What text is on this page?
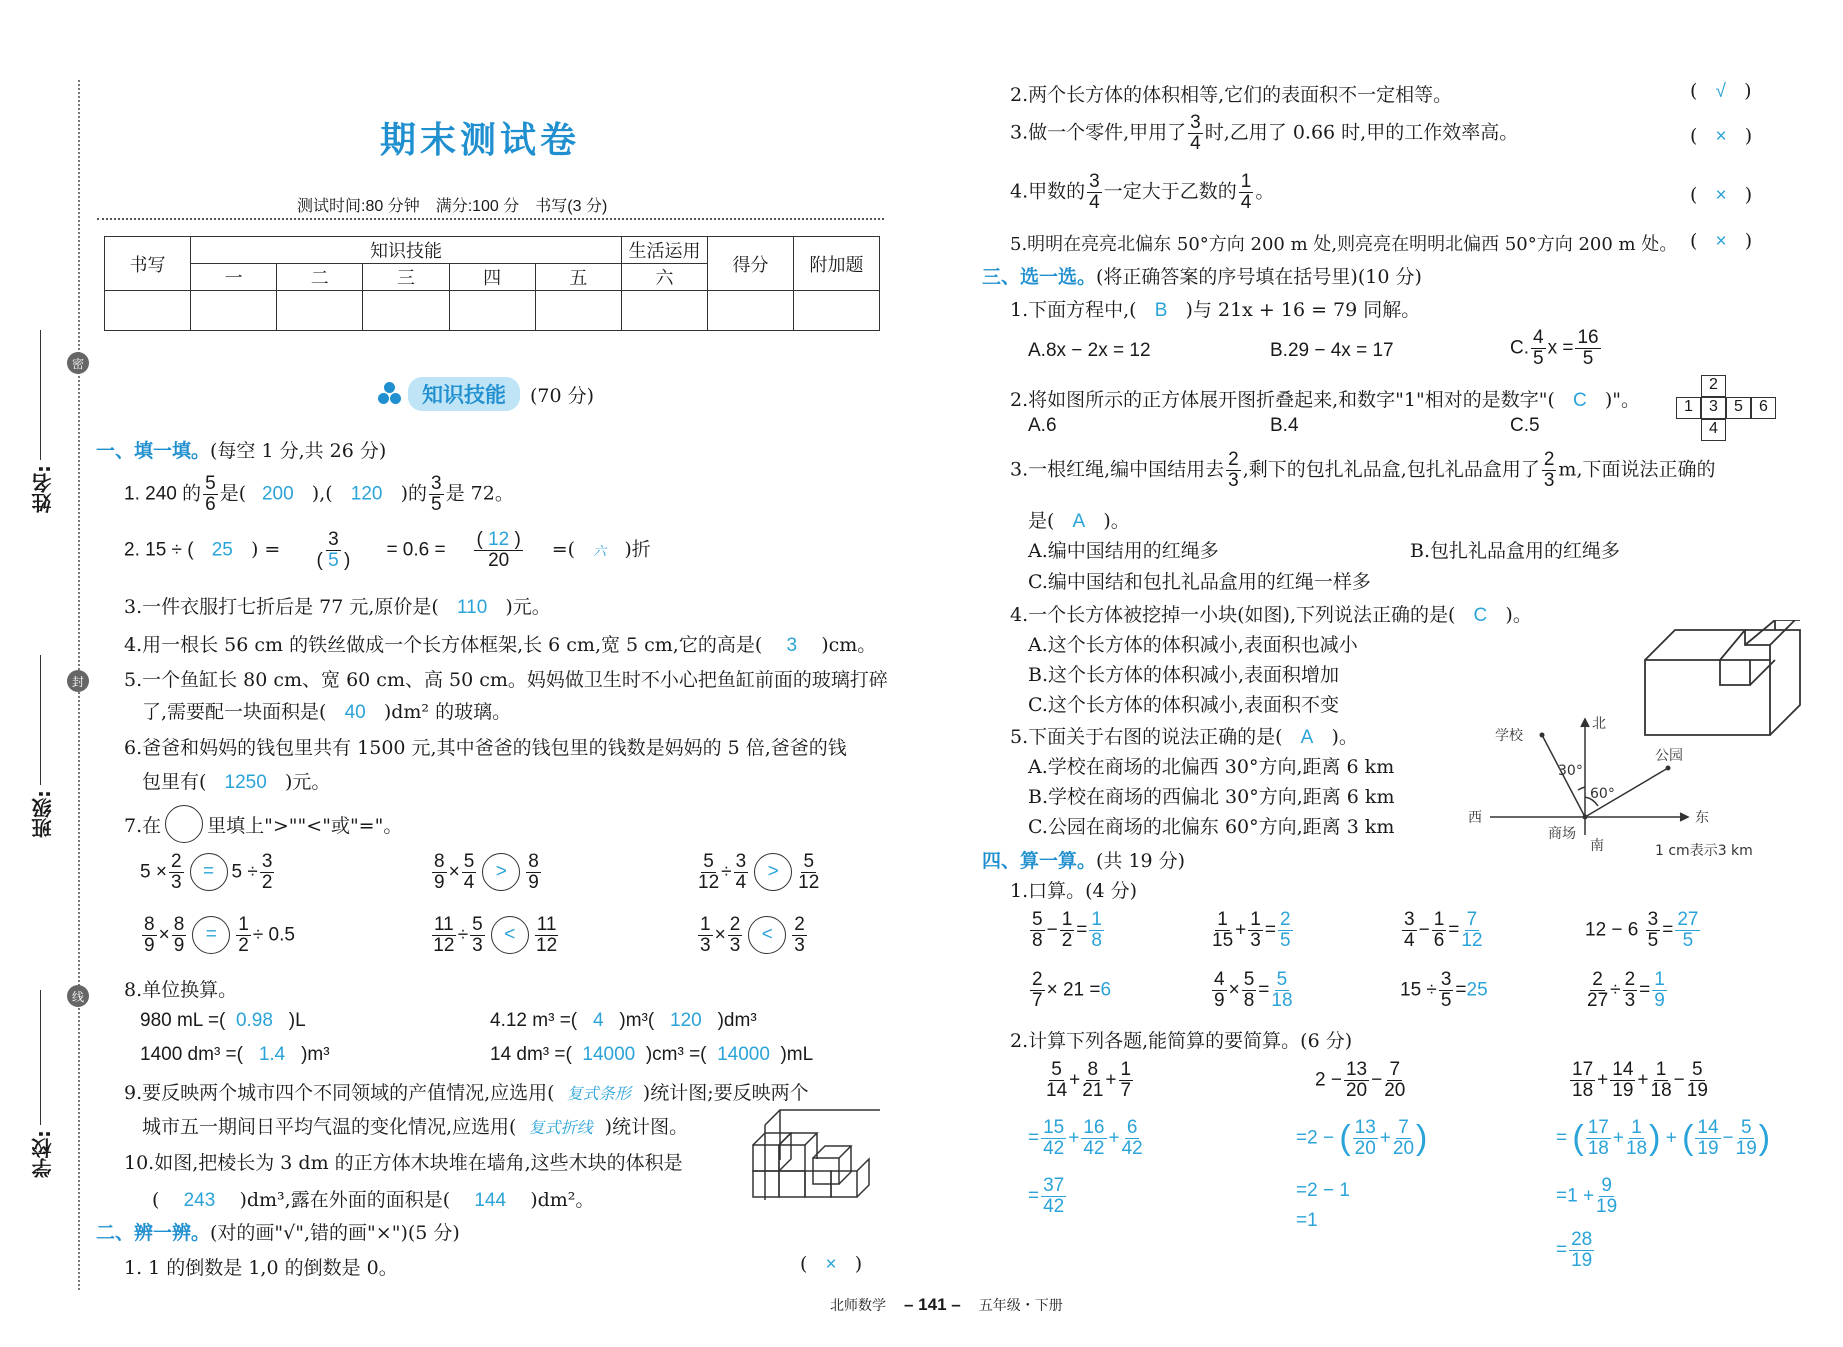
密
封
线
姓名:
班级:
学校:
期末测试卷
测试时间:80 分钟　满分:100 分　书写(3 分)
书写	知识技能					生活运用	得分	附加题
	一	二	三	四	五	六		

知识技能	(70 分)
一、填一填。(每空 1 分,共 26 分)
1. 240 的 $\frac{5}{6}$ 是( 200 ),( 120 )的 $\frac{3}{5}$ 是 72。
2. 15 ÷ ( 25 ) = $\frac{3}{( 5 )} = 0.6 = \frac{( 12 )}{20}$ =( 六 )折
3.一件衣服打七折后是 77 元,原价是( 110 )元。
4.用一根长 56 cm 的铁丝做成一个长方体框架,长 6 cm,宽 5 cm,它的高是( 3 )cm。
5.一个鱼缸长 80 cm、宽 60 cm、高 50 cm。妈妈做卫生时不小心把鱼缸前面的玻璃打碎
了,需要配一块面积是( 40 )dm² 的玻璃。
6.爸爸和妈妈的钱包里共有 1500 元,其中爸爸的钱包里的钱数是妈妈的 5 倍,爸爸的钱
包里有( 1250 )元。
7.在 里填上">""<"或"="。
$5 \times \frac{2}{3} = 5 \div \frac{3}{2}$	$\frac{8}{9} \times \frac{5}{4} > \frac{8}{9}$	$\frac{5}{12} \div \frac{3}{4} > \frac{5}{12}$
$\frac{8}{9} \times \frac{8}{9} = \frac{1}{2} \div 0.5$	$\frac{11}{12} \div \frac{5}{3} < \frac{11}{12}$	$\frac{1}{3} \times \frac{2}{3} < \frac{2}{3}$
8.单位换算。
980 mL =( 0.98 )L	4.12 m³ =( 4 )m³( 120 )dm³
1400 dm³ =( 1.4 )m³	14 dm³ =( 14000 )cm³ =( 14000 )mL
9.要反映两个城市四个不同领域的产值情况,应选用( 复式条形 )统计图;要反映两个
城市五一期间日平均气温的变化情况,应选用( 复式折线 )统计图。
10.如图,把棱长为 3 dm 的正方体木块堆在墙角,这些木块的体积是
( 243 )dm³,露在外面的面积是( 144 )dm²。
二、辨一辨。(对的画"√",错的画"×")(5 分)
1. 1 的倒数是 1,0 的倒数是 0。	( × )
2.两个长方体的体积相等,它们的表面积不一定相等。	( √ )
3.做一个零件,甲用了 $\frac{3}{4}$ 时,乙用了 0.66 时,甲的工作效率高。	( × )
4.甲数的 $\frac{3}{4}$ 一定大于乙数的 $\frac{1}{4}$ 。	( × )
5.明明在亮亮北偏东 50°方向 200 m 处,则亮亮在明明北偏西 50°方向 200 m 处。 ( × )
三、选一选。(将正确答案的序号填在括号里)(10 分)
1.下面方程中,( B )与 21x + 16 = 79 同解。
A.8x − 2x = 12	B.29 − 4x = 17	C. $\frac{4}{5}$ $x = \frac{16}{5}$
2.将如图所示的正方体展开图折叠起来,和数字"1"相对的是数字"( C )"。
A.6	B.4	C.5
2
1	3	5	6
4
3.一根红绳,编中国结用去 $\frac{2}{3}$ ,剩下的包扎礼品盒,包扎礼品盒用了 $\frac{2}{3} m$,下面说法正确的
是( A )。
A.编中国结用的红绳多	B.包扎礼品盒用的红绳多
C.编中国结和包扎礼品盒用的红绳一样多
4.一个长方体被挖掉一小块(如图),下列说法正确的是( C )。
A.这个长方体的体积减小,表面积也减小
B.这个长方体的体积减小,表面积增加
C.这个长方体的体积减小,表面积不变
5.下面关于右图的说法正确的是( A )。
A.学校在商场的北偏西 30°方向,距离 6 km
B.学校在商场的西偏北 30°方向,距离 6 km
C.公园在商场的北偏东 60°方向,距离 3 km
北
南
东
西
学校
公园
商场
30°
60°
1 cm表示3 km
四、算一算。(共 19 分)
1.口算。(4 分)
$\frac{5}{8} - \frac{1}{2} = \frac{1}{8}$	$\frac{1}{15} + \frac{1}{3} = \frac{2}{5}$	$\frac{3}{4} - \frac{1}{6} = \frac{7}{12}$	$12 - 6 \frac{3}{5} = \frac{27}{5}$
$\frac{2}{7} \times 21 =6$	$\frac{4}{9} \times \frac{5}{8} = \frac{5}{18}$	$15 \div \frac{3}{5} =25$	$\frac{2}{27} \div \frac{2}{3} = \frac{1}{9}$
2.计算下列各题,能简算的要简算。(6 分)
$\frac{5}{14} + \frac{8}{21} + \frac{1}{7}$
= $\frac{15}{42} + \frac{16}{42} + \frac{6}{42}$
= $\frac{37}{42}$
$2 - \frac{13}{20} - \frac{7}{20}$
=2 − ( $\frac{13}{20} + \frac{7}{20}$ )
=2 − 1
=1
$\frac{17}{18} + \frac{14}{19} + \frac{1}{18} - \frac{5}{19}$
= ( $\frac{17}{18} + \frac{1}{18}$ ) + ( $\frac{14}{19} - \frac{5}{19}$ )
$=1 + \frac{9}{19}$
= $\frac{28}{19}$
北师数学 – 141 – 五年级・下册
